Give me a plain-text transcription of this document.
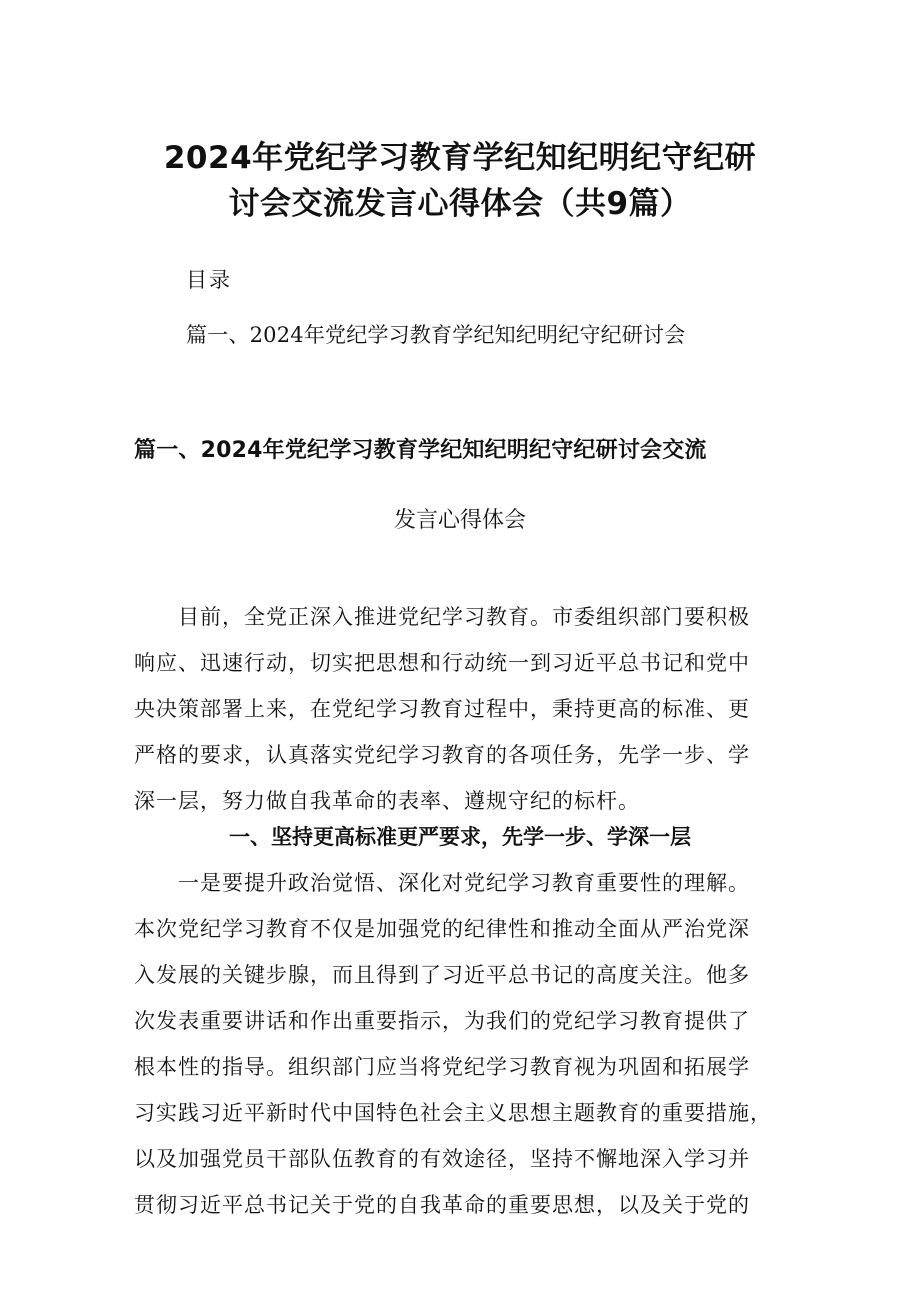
2024年党纪学习教育学纪知纪明纪守纪研
讨会交流发言心得体会（共9篇）
目录
篇一、2024年党纪学习教育学纪知纪明纪守纪研讨会
篇一、2024年党纪学习教育学纪知纪明纪守纪研讨会交流
发言心得体会
　　目前，全党正深入推进党纪学习教育。市委组织部门要积极
响应、迅速行动，切实把思想和行动统一到习近平总书记和党中
央决策部署上来，在党纪学习教育过程中，秉持更高的标准、更
严格的要求，认真落实党纪学习教育的各项任务，先学一步、学
深一层，努力做自我革命的表率、遵规守纪的标杆。
一、坚持更高标准更严要求，先学一步、学深一层
　　一是要提升政治觉悟、深化对党纪学习教育重要性的理解。
本次党纪学习教育不仅是加强党的纪律性和推动全面从严治党深
入发展的关键步腺，而且得到了习近平总书记的高度关注。他多
次发表重要讲话和作出重要指示，为我们的党纪学习教育提供了
根本性的指导。组织部门应当将党纪学习教育视为巩固和拓展学
习实践习近平新时代中国特色社会主义思想主题教育的重要措施，
以及加强党员干部队伍教育的有效途径，坚持不懈地深入学习并
贯彻习近平总书记关于党的自我革命的重要思想，以及关于党的
